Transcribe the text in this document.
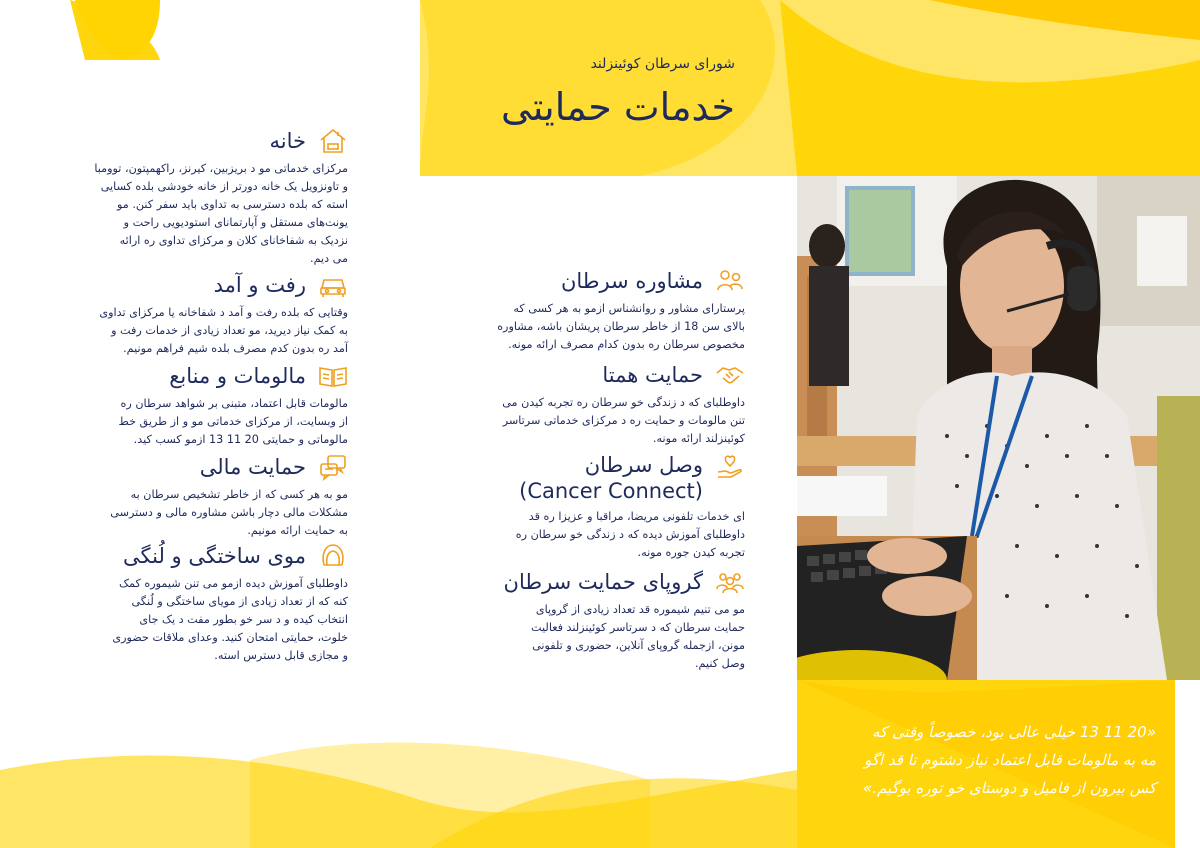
شورای سرطان کوئینزلند
خدمات حمایتی
خانه
مرکزای خدماتی مو د بریزبین، کیرنز، راکهمپتون، توومبا
و تاونزویل یک خانه دورتر از خانه خودشی بلده کسایی
استه که بلده دسترسی به تداوی باید سفر کنن. مو
یونت‌های مستقل و آپارتمانای استودیویی راحت و
نزدیک به شفاخانای کلان و مرکزای تداوی ره ارائه
می دیم.
رفت و آمد
وقتایی که بلده رفت و آمد د شفاخانه یا مرکزای تداوی
به کمک نیاز دیرید، مو تعداد زیادی از خدمات رفت و
آمد ره بدون کدم مصرف بلده شیم فراهم مونیم.
مالومات و منابع
مالومات قابل اعتماد، متبنی بر شواهد سرطان ره
از وبسایت، از مرکزای خدماتی مو و از طریق خط
مالوماتی و حمایتی 20 11 13 ازمو کسب کید.
حمایت مالی
مو به هر کسی که از خاطر تشخیص سرطان به
مشکلات مالی دچار باشن مشاوره مالی و دسترسی
به حمایت ارائه مونیم.
موی ساختگی و لُنگی
داوطلبای آموزش دیده ازمو می تنن شیموره کمک
کنه که از تعداد زیادی از مویای ساختگی و لُنگی
انتخاب کیده و د سر خو بطور مفت د یک جای
خلوت، حمایتی امتحان کنید. وعدای ملاقات حضوری
و مجازی قابل دسترس استه.
مشاوره سرطان
پرستارای مشاور و روانشناس ازمو به هر کسی که
بالای سن 18 از خاطر سرطان پریشان باشه، مشاوره
مخصوص سرطان ره بدون کدام مصرف ارائه مونه.
حمایت همتا
داوطلبای که د زندگی خو سرطان ره تجربه کیدن می
تنن مالومات و حمایت ره د مرکزای خدماتی سرتاسر
کوئینزلند ارائه مونه.
وصل سرطان
(Cancer Connect)
ای خدمات تلفونی مریضا، مراقبا و عزیزا ره قد
داوطلبای آموزش دیده که د زندگی خو سرطان ره
تجربه کیدن جوره مونه.
گروپای حمایت سرطان
مو می تنیم شیموره قد تعداد زیادی از گروپای
حمایت سرطان که د سرتاسر کوئینزلند فعالیت
مونن، ازجمله گروپای آنلاین، حضوری و تلفونی
وصل کنیم.
«20 11 13 خیلی عالی بود، خصوصاً وقتی که
مه به مالومات قابل اعتماد نیاز دشتوم تا قد اگو
کس بیرون از فامیل و دوستای خو توره بوگیم.»
